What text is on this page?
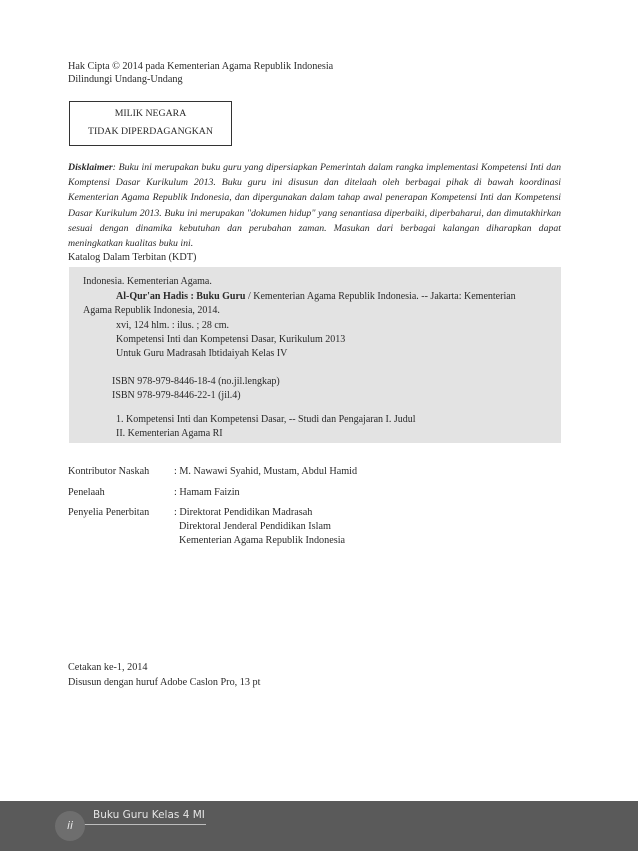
Hak Cipta © 2014 pada Kementerian Agama Republik Indonesia
Dilindungi Undang-Undang
MILIK NEGARA
TIDAK DIPERDAGANGKAN
Disklaimer: Buku ini merupakan buku guru yang dipersiapkan Pemerintah dalam rangka implementasi Kompetensi Inti dan Komptensi Dasar Kurikulum 2013. Buku guru ini disusun dan ditelaah oleh berbagai pihak di bawah koordinasi Kementerian Agama Republik Indonesia, dan dipergunakan dalam tahap awal penerapan Kompetensi Inti dan Kompetensi Dasar Kurikulum 2013. Buku ini merupakan "dokumen hidup" yang senantiasa diperbaiki, diperbaharui, dan dimutakhirkan sesuai dengan dinamika kebutuhan dan perubahan zaman. Masukan dari berbagai kalangan diharapkan dapat meningkatkan kualitas buku ini.
Katalog Dalam Terbitan (KDT)
Indonesia. Kementerian Agama.
Al-Qur'an Hadis : Buku Guru / Kementerian Agama Republik Indonesia. -- Jakarta: Kementerian
Agama Republik Indonesia, 2014.
xvi, 124 hlm. : ilus. ; 28 cm.
Kompetensi Inti dan Kompetensi Dasar, Kurikulum 2013
Untuk Guru Madrasah Ibtidaiyah Kelas IV
ISBN 978-979-8446-18-4 (no.jil.lengkap)
ISBN 978-979-8446-22-1 (jil.4)
1. Kompetensi Inti dan Kompetensi Dasar, -- Studi dan Pengajaran I. Judul
II. Kementerian Agama RI
Kontributor Naskah : M. Nawawi Syahid, Mustam, Abdul Hamid
Penelaah	: Hamam Faizin
Penyelia Penerbitan : Direktorat Pendidikan Madrasah
Direktoral Jenderal Pendidikan Islam
Kementerian Agama Republik Indonesia
Cetakan ke-1, 2014
Disusun dengan huruf Adobe Caslon Pro, 13 pt
ii
Buku Guru Kelas 4 MI
